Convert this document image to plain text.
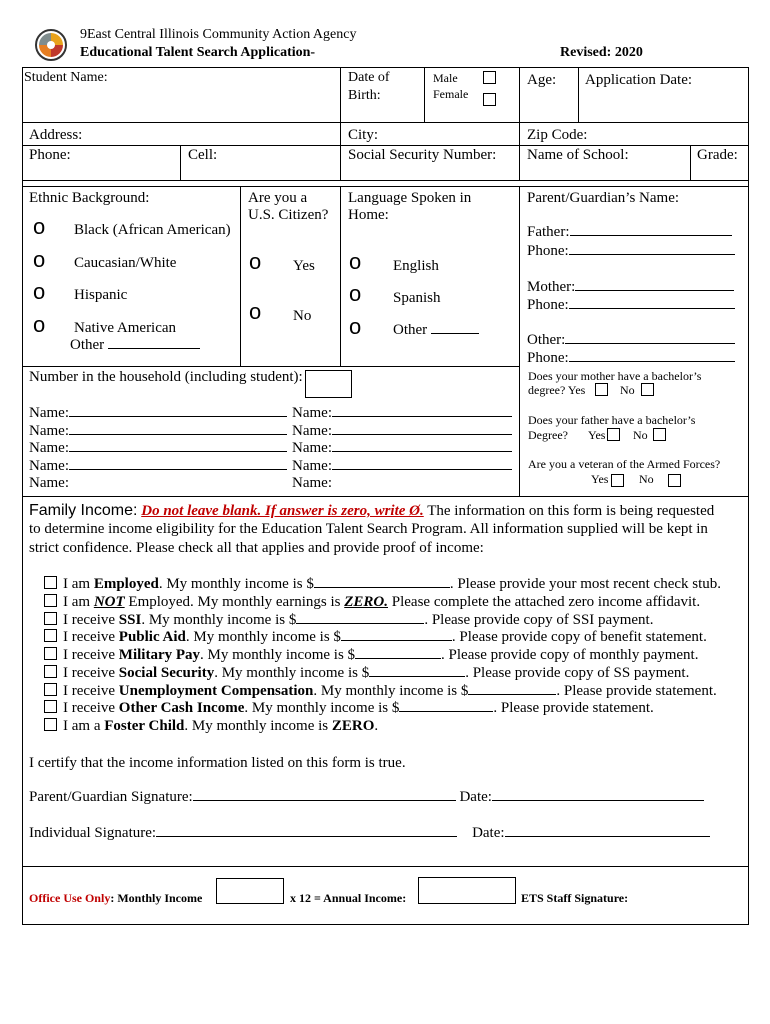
9East Central Illinois Community Action Agency
Educational Talent Search Application-	Revised: 2020
Student Name:	Date of
Birth:
Male
Female
Age: Application Date:
Address:	City:	Zip Code:
Phone:	Cell:	Social Security Number: Name of School:	Grade:
Ethnic Background:
o Black (African American)
o Caucasian/White
o Hispanic
o Native American
Other
Are you a
U.S. Citizen?
o Yes
o No
Language Spoken in
Home:
o English
o Spanish
o Other
Parent/Guardian’s Name:
Father:
Phone:
Mother:
Phone:
Other:
Phone:
Does your mother have a bachelor’s
degree? Yes	No
Does your father have a bachelor’s
Degree? Yes No
Are you a veteran of the Armed Forces?
Yes	No
Number in the household (including student):
Name:
Name:
Name:
Name:
Name:
Name:
Name:
Name:
Name:
Name:
Family Income: Do not leave blank. If answer is zero, write Ø. The information on this form is being requested
to determine income eligibility for the Education Talent Search Program. All information supplied will be kept in
strict confidence. Please check all that applies and provide proof of income:
I am Employed. My monthly income is $	. Please provide your most recent check stub.
I am NOT Employed. My monthly earnings is ZERO. Please complete the attached zero income affidavit.
I receive SSI. My monthly income is $	. Please provide copy of SSI payment.
I receive Public Aid. My monthly income is $	. Please provide copy of benefit statement.
I receive Military Pay. My monthly income is $	. Please provide copy of monthly payment.
I receive Social Security. My monthly income is $	. Please provide copy of SS payment.
I receive Unemployment Compensation. My monthly income is $	. Please provide statement.
I receive Other Cash Income. My monthly income is $	. Please provide statement.
I am a Foster Child. My monthly income is ZERO.
I certify that the income information listed on this form is true.
Parent/Guardian Signature:	Date:
Individual Signature:	Date:
Office Use Only: Monthly Income	x 12 = Annual Income:	ETS Staff Signature:
